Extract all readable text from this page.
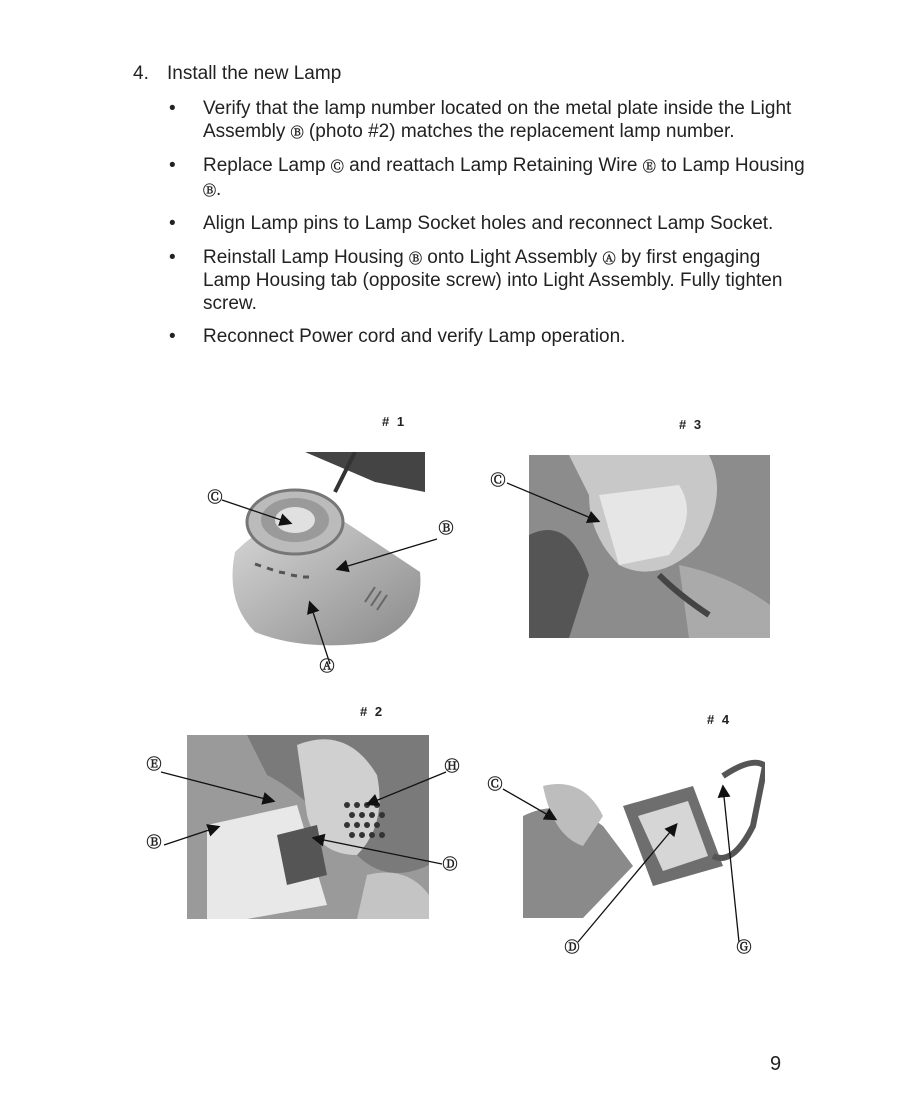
4. Install the new Lamp
• Verify that the lamp number located on the metal plate inside the Light Assembly Ⓑ (photo #2) matches the replacement lamp number.
• Replace Lamp Ⓒ and reattach Lamp Retaining Wire Ⓔ to Lamp Housing Ⓑ.
• Align Lamp pins to Lamp Socket holes and reconnect Lamp Socket.
• Reinstall Lamp Housing Ⓑ onto Light Assembly Ⓐ by first engaging Lamp Housing tab (opposite screw) into Light Assembly. Fully tighten screw.
• Reconnect Power cord and verify Lamp operation.
# 1	# 3
# 2
# 4
Ⓒ
Ⓑ
Ⓐ
Ⓒ
Ⓔ
Ⓑ
Ⓗ
Ⓓ
Ⓒ
Ⓓ	Ⓖ
9
